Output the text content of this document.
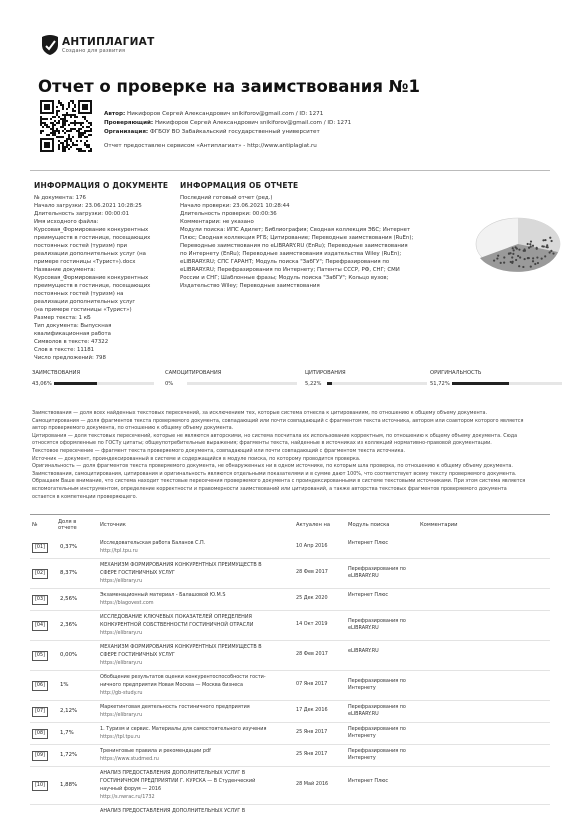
АНТИПЛАГИАТ
Создано для развития
Отчет о проверке на заимствования №1
Автор: Никифоров Сергей Александрович snikiforov@gmail.com / ID: 1271
Проверяющий: Никифоров Сергей Александрович snikiforov@gmail.com / ID: 1271
Организация: ФГБОУ ВО Забайкальский государственный университет
Отчет предоставлен сервисом «Антиплагиат» - http://www.antiplagiat.ru
ИНФОРМАЦИЯ О ДОКУМЕНТЕ ИНФОРМАЦИЯ ОБ ОТЧЕТЕ
№ документа: 176
Начало загрузки: 23.06.2021 10:28:25
Длительность загрузки: 00:00:01
Имя исходного файла:
Курсовая_Формирование конкурентных
преимуществ в гостинице, посещающих
постоянных гостей (туризм) при
реализации дополнительных услуг (на
примере гостиницы «Турист»).docx
Название документа:
Курсовая_Формирование конкурентных
преимуществ в гостинице, посещающих
постоянных гостей (туризм) на
реализации дополнительных услуг
(на примере гостиницы «Турист»)
Размер текста: 1 кБ
Тип документа: Выпускная
квалификационная работа
Символов в тексте: 47322
Слов в тексте: 11181
Число предложений: 798
Последний готовый отчет (ред.)
Начало проверки: 23.06.2021 10:28:44
Длительность проверки: 00:00:36
Комментарии: не указано
Модули поиска: ИПС Адилет; Библиография; Сводная коллекция ЭБС; Интернет
Плюс; Сводная коллекция РГБ; Цитирование; Переводные заимствования (RuEn);
Переводные заимствования по eLIBRARY.RU (EnRu); Переводные заимствования
по Интернету (EnRu); Переводные заимствования издательства Wiley (RuEn);
eLIBRARY.RU; СПС ГАРАНТ; Модуль поиска "ЗабГУ"; Перефразирования по
eLIBRARY.RU; Перефразирования по Интернету; Патенты СССР, РФ, СНГ; СМИ
России и СНГ; Шаблонные фразы; Модуль поиска "ЗабГУ"; Кольцо вузов;
Издательство Wiley; Переводные заимствования
ЗАИМСТВОВАНИЯ
43,06%
САМОЦИТИРОВАНИЯ
0%
ЦИТИРОВАНИЯ
5,22%
ОРИГИНАЛЬНОСТЬ
51,72%
Заимствования — доля всех найденных текстовых пересечений, за исключением тех, которые система отнесла к цитированиям, по отношению к общему объему документа.
Самоцитирования — доля фрагментов текста проверяемого документа, совпадающий или почти совпадающий с фрагментом текста источника, автором или соавтором которого является
автор проверяемого документа, по отношению к общему объему документа.
Цитирования — доля текстовых пересечений, которые не являются авторскими, но система посчитала их использование корректным, по отношению к общему объему документа. Сюда
относятся оформленные по ГОСТу цитаты; общеупотребительные выражения; фрагменты текста, найденные в источниках из коллекций нормативно-правовой документации.
Текстовое пересечение — фрагмент текста проверяемого документа, совпадающий или почти совпадающий с фрагментом текста источника.
Источник — документ, проиндексированный в системе и содержащийся в модуле поиска, по которому проводится проверка.
Оригинальность — доля фрагментов текста проверяемого документа, не обнаруженных ни в одном источнике, по которым шла проверка, по отношению к общему объему документа.
Заимствования, самоцитирования, цитирования и оригинальность являются отдельными показателями и в сумме дают 100%, что соответствует всему тексту проверяемого документа.
Обращаем Ваше внимание, что система находит текстовые пересечения проверяемого документа с проиндексированными в системе текстовыми источниками. При этом система является
вспомогательным инструментом, определение корректности и правомерности заимствований или цитирований, а также авторства текстовых фрагментов проверяемого документа
остается в компетенции проверяющего.
№	Доля в отчете	Источник	Актуален на	Модуль поиска	Комментарии
[01]	0,37%
Исследовательская работа Баланов С.П.
http://tpl.tpu.ru
10 Апр 2016	Интернет Плюс
[02]	8,37%
МЕХАНИЗМ ФОРМИРОВАНИЯ КОНКУРЕНТНЫХ ПРЕИМУЩЕСТВ В
СФЕРЕ ГОСТИНИЧНЫХ УСЛУГ
https://elibrary.ru
28 Фев 2017	Перефразирования по
eLIBRARY.RU
[03]	2,56%
Экзаменационный материал - Балашовой Ю.М.S
https://blagovest.com
25 Дек 2020	Интернет Плюс
[04]	2,36%
ИССЛЕДОВАНИЕ КЛЮЧЕВЫХ ПОКАЗАТЕЛЕЙ ОПРЕДЕЛЕНИЯ
КОНКУРЕНТНОЙ СОБСТВЕННОСТИ ГОСТИНИЧНОЙ ОТРАСЛИ
https://elibrary.ru
14 Окт 2019	Перефразирования по
eLIBRARY.RU
[05]	0,00%
МЕХАНИЗМ ФОРМИРОВАНИЯ КОНКУРЕНТНЫХ ПРЕИМУЩЕСТВ В
СФЕРЕ ГОСТИНИЧНЫХ УСЛУГ
https://elibrary.ru
28 Фев 2017	eLIBRARY.RU
[06]	1%
Обобщение результатов оценки конкурентоспособности гости-
ничного предприятия Новая Москва — Москва бизнеса
http://gb-study.ru
07 Янв 2017	Перефразирования по
Интернету
[07]	2,12%
Маркетинговая деятельность гостиничного предприятия
https://elibrary.ru
17 Дек 2016	Перефразирования по
eLIBRARY.RU
[08]	1,7%
1. Туризм и сервис. Материалы для самостоятельного изучения
https://tpl.tpu.ru
25 Янв 2017	Перефразирования по
Интернету
[09]	1,72%
Тренинговые правила и рекомендации pdf
https://www.studmed.ru
25 Янв 2017	Перефразирования по
Интернету
[10]	1,88%
АНАЛИЗ ПРЕДОСТАВЛЕНИЯ ДОПОЛНИТЕЛЬНЫХ УСЛУГ В
ГОСТИНИЧНОМ ПРЕДПРИЯТИИ Г. КУРСКА — В Студенческий
научный форум — 2016
http://s.nwrac.ru/1732
28 Май 2016	Интернет Плюс
АНАЛИЗ ПРЕДОСТАВЛЕНИЯ ДОПОЛНИТЕЛЬНЫХ УСЛУГ В
